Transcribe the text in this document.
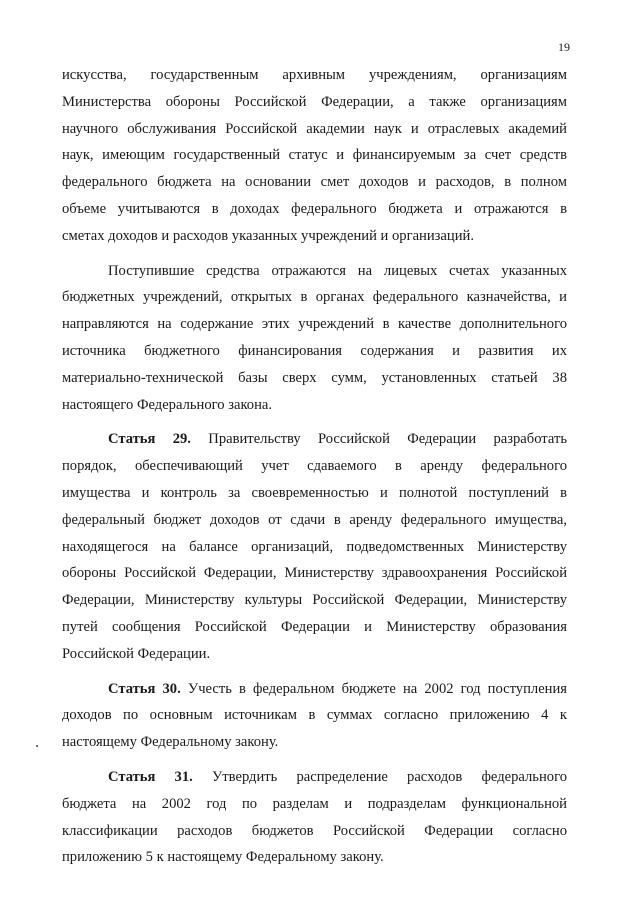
19
искусства, государственным архивным учреждениям, организациям
Министерства обороны Российской Федерации, а также организациям
научного обслуживания Российской академии наук и отраслевых академий
наук, имеющим государственный статус и финансируемым за счет средств
федерального бюджета на основании смет доходов и расходов, в полном
объеме учитываются в доходах федерального бюджета и отражаются в
сметах доходов и расходов указанных учреждений и организаций.
Поступившие средства отражаются на лицевых счетах указанных
бюджетных учреждений, открытых в органах федерального казначейства, и
направляются на содержание этих учреждений в качестве дополнительного
источника бюджетного финансирования содержания и развития их
материально-технической базы сверх сумм, установленных статьей 38
настоящего Федерального закона.
Статья 29. Правительству Российской Федерации разработать
порядок, обеспечивающий учет сдаваемого в аренду федерального
имущества и контроль за своевременностью и полнотой поступлений в
федеральный бюджет доходов от сдачи в аренду федерального имущества,
находящегося на балансе организаций, подведомственных Министерству
обороны Российской Федерации, Министерству здравоохранения Российской
Федерации, Министерству культуры Российской Федерации, Министерству
путей сообщения Российской Федерации и Министерству образования
Российской Федерации.
Статья 30. Учесть в федеральном бюджете на 2002 год поступления
доходов по основным источникам в суммах согласно приложению 4 к
настоящему Федеральному закону.
Статья 31. Утвердить распределение расходов федерального
бюджета на 2002 год по разделам и подразделам функциональной
классификации расходов бюджетов Российской Федерации согласно
приложению 5 к настоящему Федеральному закону.
